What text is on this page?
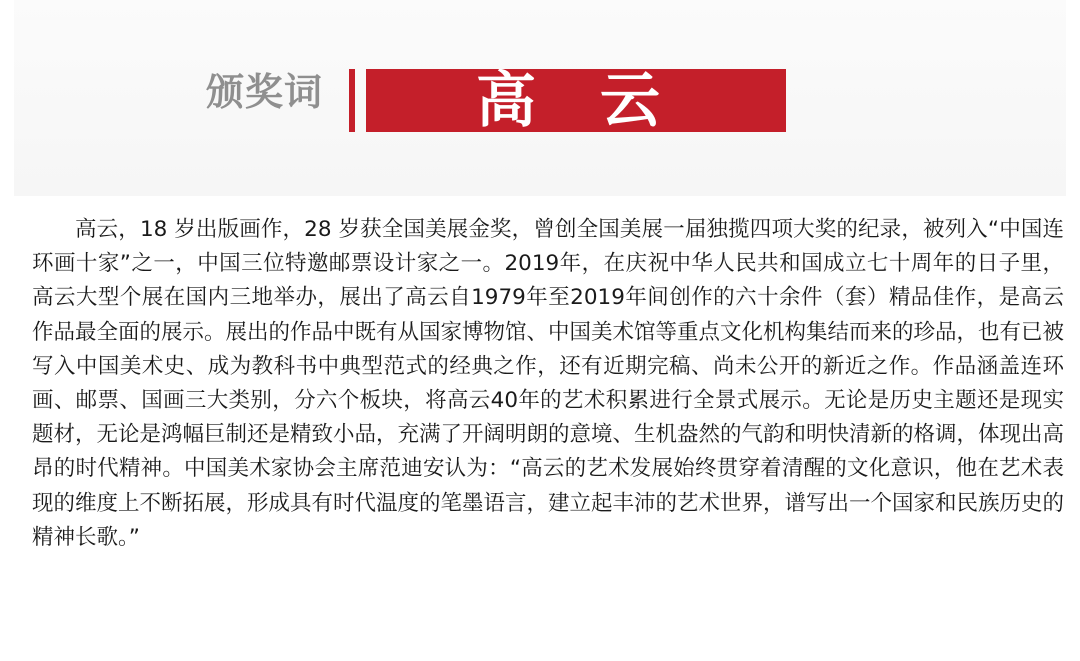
颁奖词	高云

高云，18 岁出版画作，28 岁获全国美展金奖，曾创全国美展一届独揽四项大奖的纪录，被列入“中国连环画十家”之一，中国三位特邀邮票设计家之一。2019年，在庆祝中华人民共和国成立七十周年的日子里，高云大型个展在国内三地举办，展出了高云自1979年至2019年间创作的六十余件（套）精品佳作，是高云作品最全面的展示。展出的作品中既有从国家博物馆、中国美术馆等重点文化机构集结而来的珍品，也有已被写入中国美术史、成为教科书中典型范式的经典之作，还有近期完稿、尚未公开的新近之作。作品涵盖连环画、邮票、国画三大类别，分六个板块，将高云40年的艺术积累进行全景式展示。无论是历史主题还是现实题材，无论是鸿幅巨制还是精致小品，充满了开阔明朗的意境、生机盎然的气韵和明快清新的格调，体现出高昂的时代精神。中国美术家协会主席范迪安认为：“高云的艺术发展始终贯穿着清醒的文化意识，他在艺术表现的维度上不断拓展，形成具有时代温度的笔墨语言，建立起丰沛的艺术世界，谱写出一个国家和民族历史的精神长歌。”
